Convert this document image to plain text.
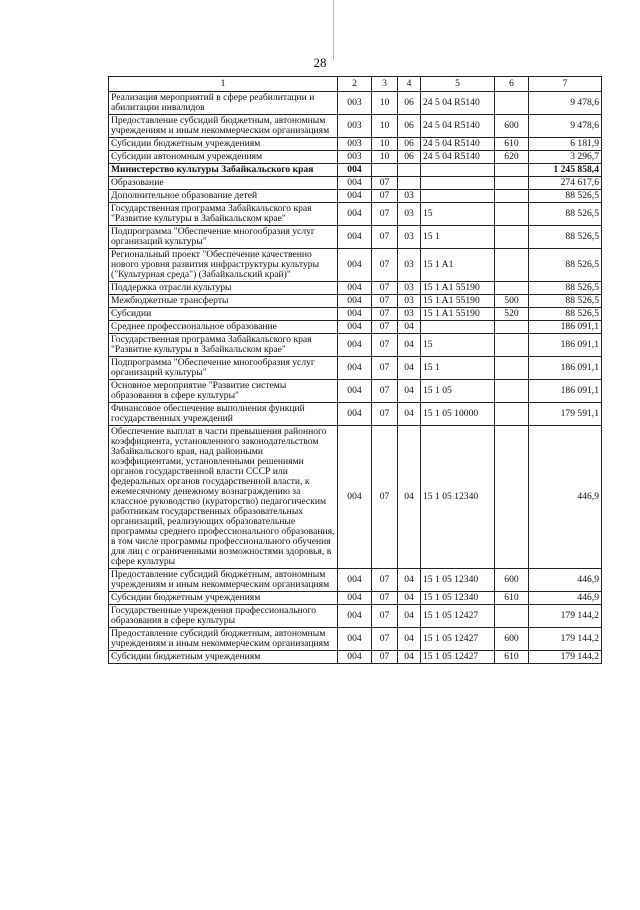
28
1	2	3	4	5	6	7
Реализация мероприятий в сфере реабилитации и абилитации инвалидов	003	10	06	24 5 04 R5140		9 478,6
Предоставление субсидий бюджетным, автономным учреждениям и иным некоммерческим организациям	003	10	06	24 5 04 R5140	600	9 478,6
Субсидии бюджетным учреждениям	003	10	06	24 5 04 R5140	610	6 181,9
Субсидии автономным учреждениям	003	10	06	24 5 04 R5140	620	3 296,7
Министерство культуры Забайкальского края	004					1 245 858,4
Образование	004	07				274 617,6
Дополнительное образование детей	004	07	03			88 526,5
Государственная программа Забайкальского края "Развитие культуры в Забайкальском крае"	004	07	03	15		88 526,5
Подпрограмма "Обеспечение многообразия услуг организаций культуры"	004	07	03	15 1		88 526,5
Региональный проект "Обеспечение качественно нового уровня развития инфраструктуры культуры ("Культурная среда") (Забайкальский край)"	004	07	03	15 1 A1		88 526,5
Поддержка отрасли культуры	004	07	03	15 1 A1 55190		88 526,5
Межбюджетные трансферты	004	07	03	15 1 A1 55190	500	88 526,5
Субсидии	004	07	03	15 1 A1 55190	520	88 526,5
Среднее профессиональное образование	004	07	04			186 091,1
Государственная программа Забайкальского края "Развитие культуры в Забайкальском крае"	004	07	04	15		186 091,1
Подпрограмма "Обеспечение многообразия услуг организаций культуры"	004	07	04	15 1		186 091,1
Основное мероприятие "Развитие системы образования в сфере культуры"	004	07	04	15 1 05		186 091,1
Финансовое обеспечение выполнения функций государственных учреждений	004	07	04	15 1 05 10000		179 591,1
Обеспечение выплат в части превышения районного коэффициента, установленного законодательством Забайкальского края, над районными коэффициентами, установленными решениями органов государственной власти СССР или федеральных органов государственной власти, к ежемесячному денежному вознаграждению за классное руководство (кураторство) педагогическим работникам государственных образовательных организаций, реализующих образовательные программы среднего профессионального образования, в том числе программы профессионального обучения для лиц с ограниченными возможностями здоровья, в сфере культуры	004	07	04	15 1 05 12340		446,9
Предоставление субсидий бюджетным, автономным учреждениям и иным некоммерческим организациям	004	07	04	15 1 05 12340	600	446,9
Субсидии бюджетным учреждениям	004	07	04	15 1 05 12340	610	446,9
Государственные учреждения профессионального образования в сфере культуры	004	07	04	15 1 05 12427		179 144,2
Предоставление субсидий бюджетным, автономным учреждениям и иным некоммерческим организациям	004	07	04	15 1 05 12427	600	179 144,2
Субсидии бюджетным учреждениям	004	07	04	15 1 05 12427	610	179 144,2
